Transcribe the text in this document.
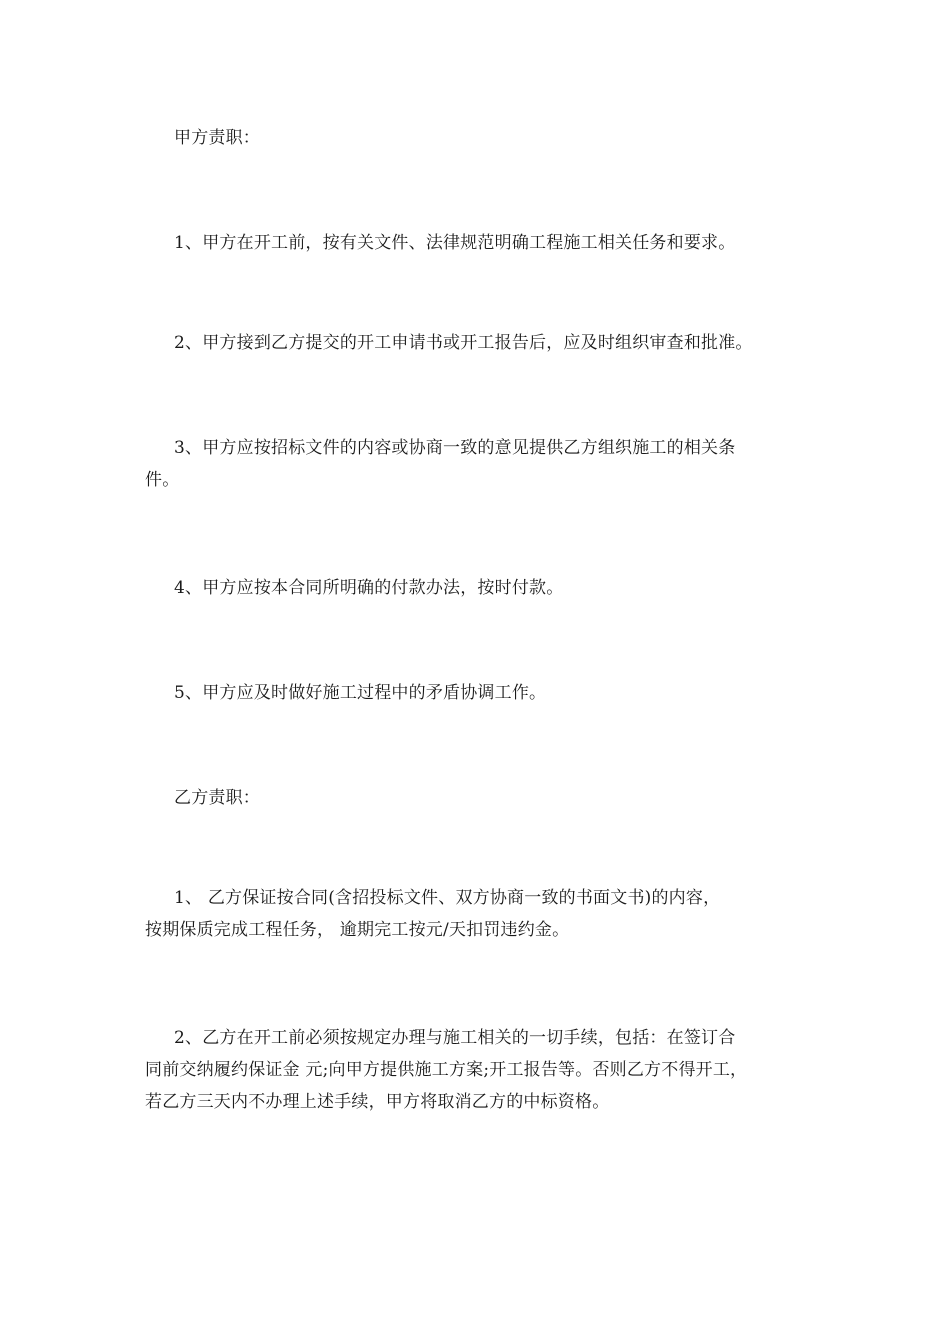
甲方责职：

1、甲方在开工前，按有关文件、法律规范明确工程施工相关任务和要求。

2、甲方接到乙方提交的开工申请书或开工报告后，应及时组织审查和批准。

3、甲方应按招标文件的内容或协商一致的意见提供乙方组织施工的相关条
件。

4、甲方应按本合同所明确的付款办法，按时付款。

5、甲方应及时做好施工过程中的矛盾协调工作。

乙方责职：

1、 乙方保证按合同(含招投标文件、双方协商一致的书面文书)的内容，
按期保质完成工程任务， 逾期完工按元/天扣罚违约金。

2、乙方在开工前必须按规定办理与施工相关的一切手续，包括：在签订合
同前交纳履约保证金 元;向甲方提供施工方案;开工报告等。否则乙方不得开工，
若乙方三天内不办理上述手续，甲方将取消乙方的中标资格。
